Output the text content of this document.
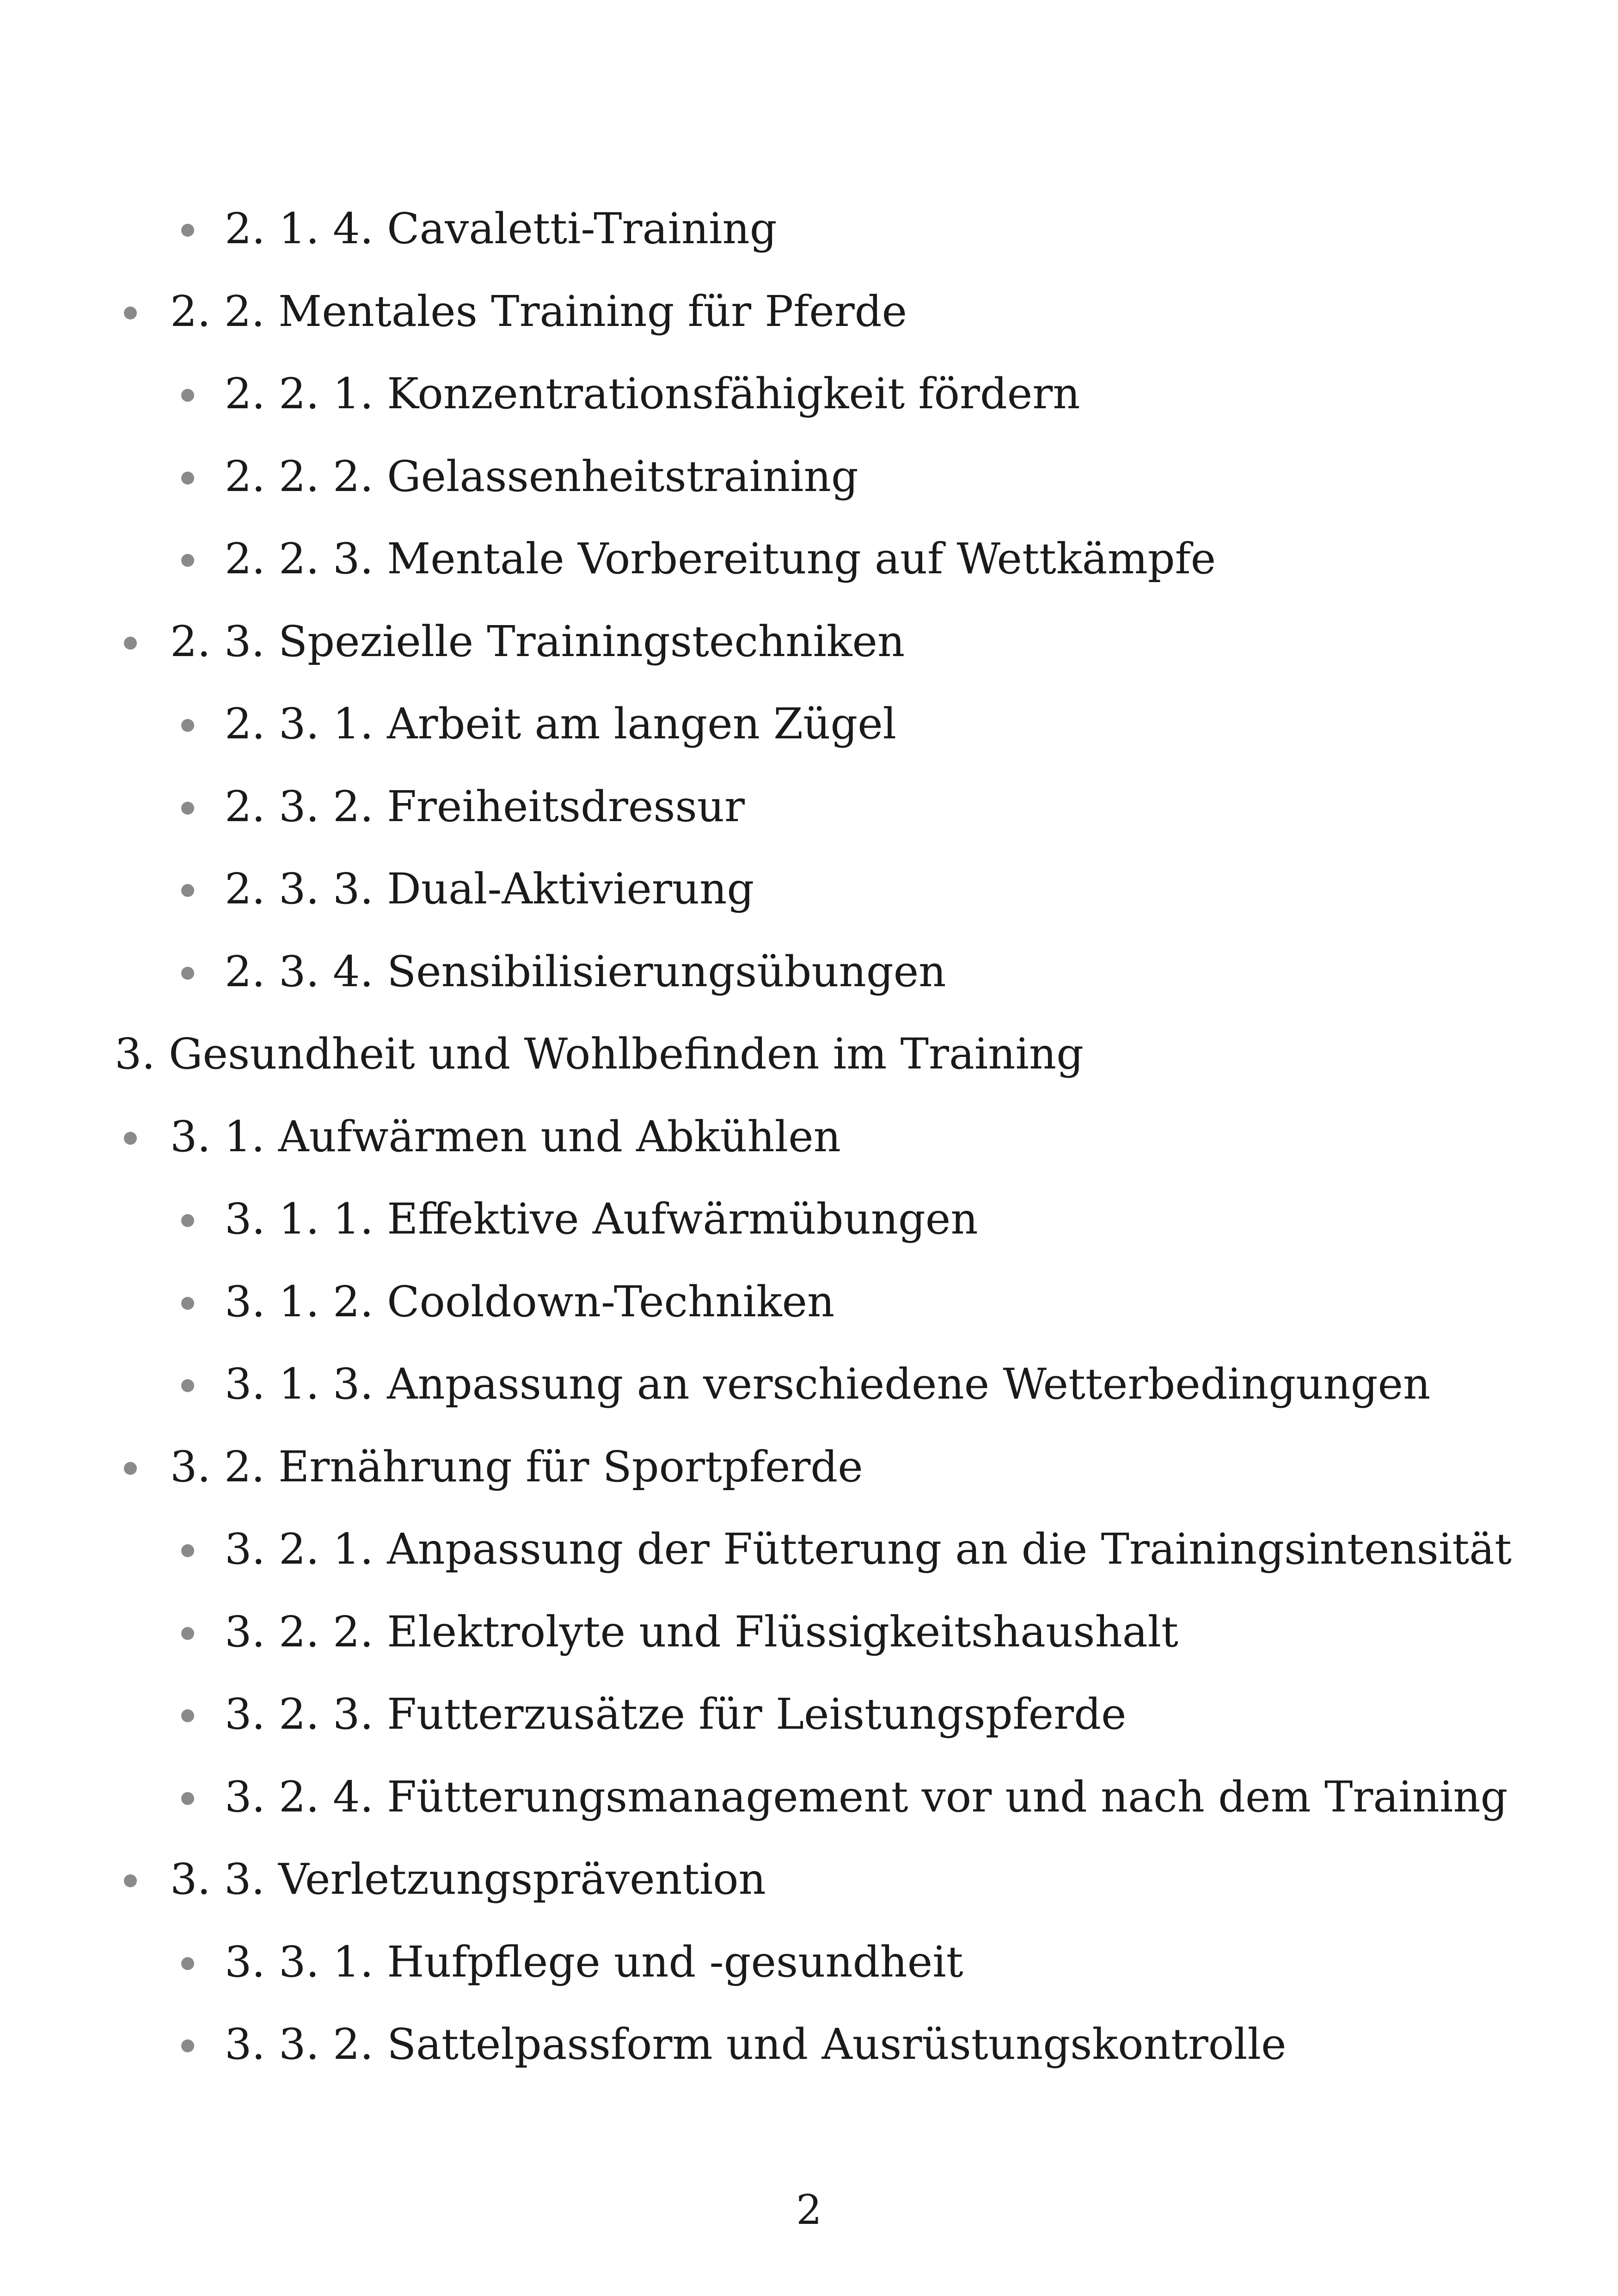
2. 1. 4. Cavaletti-Training
2. 2. Mentales Training für Pferde
2. 2. 1. Konzentrationsfähigkeit fördern
2. 2. 2. Gelassenheitstraining
2. 2. 3. Mentale Vorbereitung auf Wettkämpfe
2. 3. Spezielle Trainingstechniken
2. 3. 1. Arbeit am langen Zügel
2. 3. 2. Freiheitsdressur
2. 3. 3. Dual-Aktivierung
2. 3. 4. Sensibilisierungsübungen
3. Gesundheit und Wohlbefinden im Training
3. 1. Aufwärmen und Abkühlen
3. 1. 1. Effektive Aufwärmübungen
3. 1. 2. Cooldown-Techniken
3. 1. 3. Anpassung an verschiedene Wetterbedingungen
3. 2. Ernährung für Sportpferde
3. 2. 1. Anpassung der Fütterung an die Trainingsintensität
3. 2. 2. Elektrolyte und Flüssigkeitshaushalt
3. 2. 3. Futterzusätze für Leistungspferde
3. 2. 4. Fütterungsmanagement vor und nach dem Training
3. 3. Verletzungsprävention
3. 3. 1. Hufpflege und -gesundheit
3. 3. 2. Sattelpassform und Ausrüstungskontrolle
2
